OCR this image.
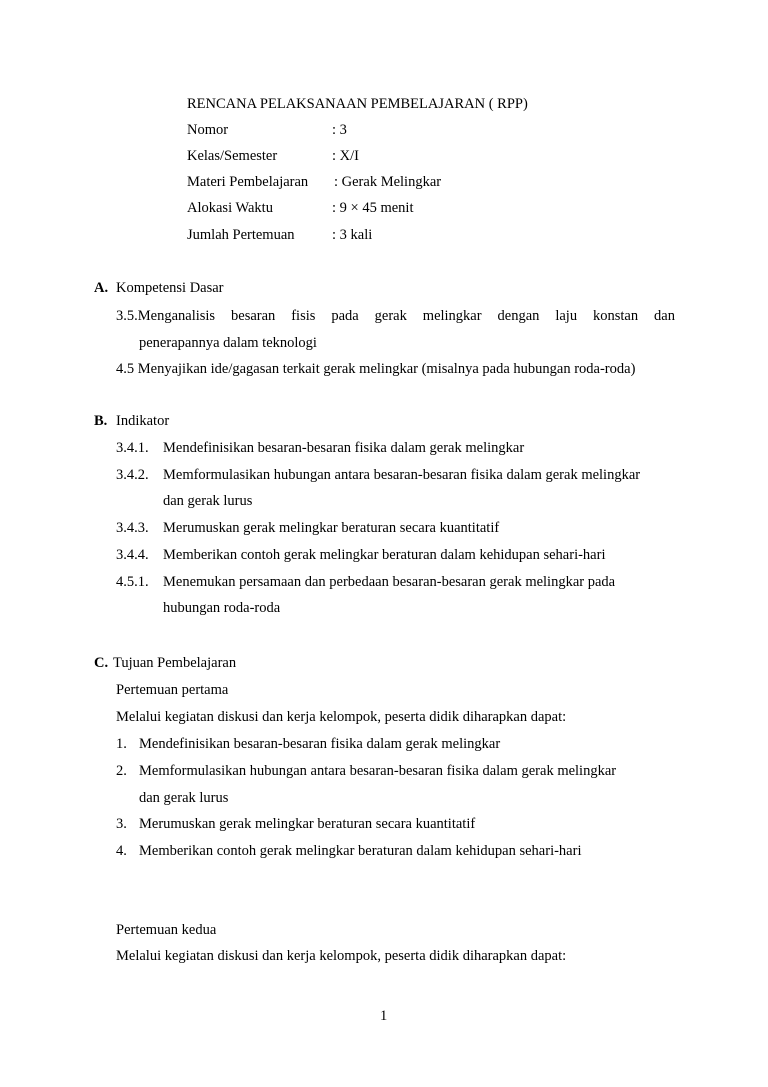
RENCANA PELAKSANAAN PEMBELAJARAN ( RPP)
Nomor	: 3
Kelas/Semester	: X/I
Materi Pembelajaran : Gerak Melingkar
Alokasi Waktu	: 9 × 45 menit
Jumlah Pertemuan	: 3 kali
A. Kompetensi Dasar
3.5.Menganalisis besaran fisis pada gerak melingkar dengan laju konstan dan
penerapannya dalam teknologi
4.5 Menyajikan ide/gagasan terkait gerak melingkar (misalnya pada hubungan roda-roda)
B. Indikator
3.4.1. Mendefinisikan besaran-besaran fisika dalam gerak melingkar
3.4.2. Memformulasikan hubungan antara besaran-besaran fisika dalam gerak melingkar
dan gerak lurus
3.4.3. Merumuskan gerak melingkar beraturan secara kuantitatif
3.4.4. Memberikan contoh gerak melingkar beraturan dalam kehidupan sehari-hari
4.5.1. Menemukan persamaan dan perbedaan besaran-besaran gerak melingkar pada
hubungan roda-roda
C. Tujuan Pembelajaran
Pertemuan pertama
Melalui kegiatan diskusi dan kerja kelompok, peserta didik diharapkan dapat:
1. Mendefinisikan besaran-besaran fisika dalam gerak melingkar
2. Memformulasikan hubungan antara besaran-besaran fisika dalam gerak melingkar
dan gerak lurus
3. Merumuskan gerak melingkar beraturan secara kuantitatif
4. Memberikan contoh gerak melingkar beraturan dalam kehidupan sehari-hari
Pertemuan kedua
Melalui kegiatan diskusi dan kerja kelompok, peserta didik diharapkan dapat:
1
